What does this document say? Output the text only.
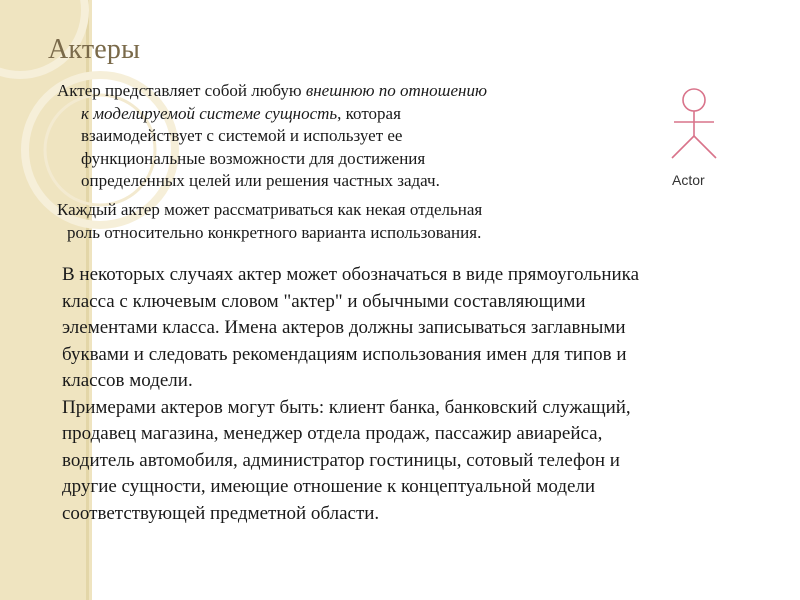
Актеры
Актер представляет собой любую внешнюю по отношению
к моделируемой системе сущность, которая
взаимодействует с системой и использует ее
функциональные возможности для достижения
определенных целей или решения частных задач.
Каждый актер может рассматриваться как некая отдельная
роль относительно конкретного варианта использования.
В некоторых случаях актер может обозначаться в виде прямоугольника
класса с ключевым словом "актер" и обычными составляющими
элементами класса. Имена актеров должны записываться заглавными
буквами и следовать рекомендациям использования имен для типов и
классов модели.
Примерами актеров могут быть: клиент банка, банковский служащий,
продавец магазина, менеджер отдела продаж, пассажир авиарейса,
водитель автомобиля, администратор гостиницы, сотовый телефон и
другие сущности, имеющие отношение к концептуальной модели
соответствующей предметной области.
Actor
